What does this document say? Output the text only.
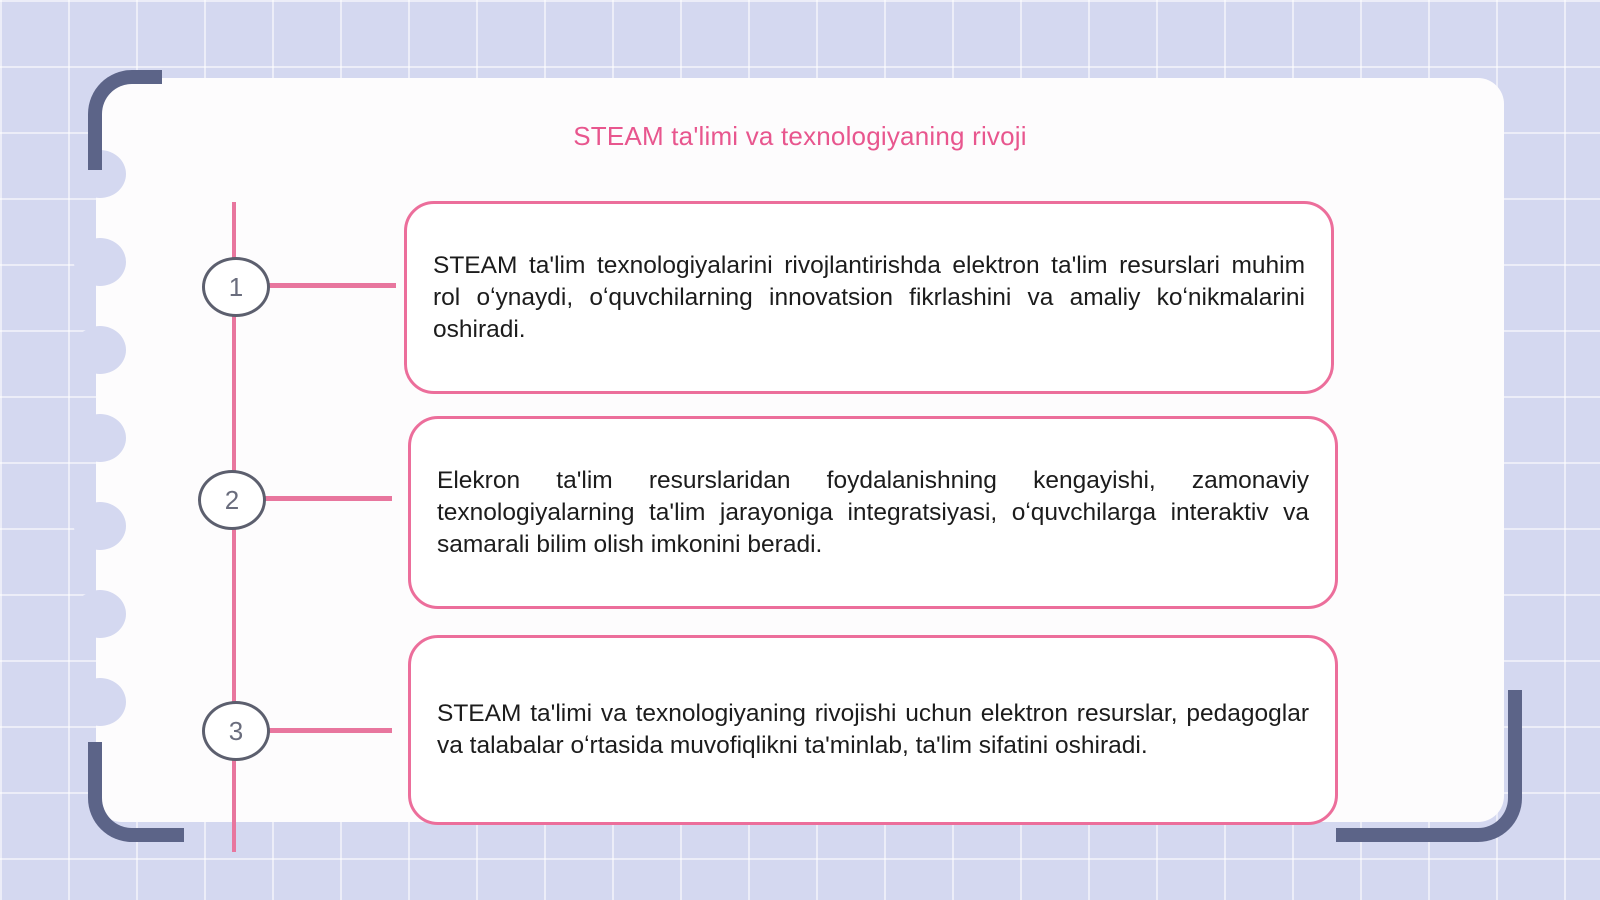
STEAM ta'limi va texnologiyaning rivoji
1
2
3

STEAM ta'lim texnologiyalarini rivojlantirishda elektron ta'lim resurslari muhim rol oʻynaydi, oʻquvchilarning innovatsion fikrlashini va amaliy koʻnikmalarini oshiradi.

Elekron ta'lim resurslaridan foydalanishning kengayishi, zamonaviy texnologiyalarning ta'lim jarayoniga integratsiyasi, oʻquvchilarga interaktiv va samarali bilim olish imkonini beradi.

STEAM ta'limi va texnologiyaning rivojishi uchun elektron resurslar, pedagoglar va talabalar oʻrtasida muvofiqlikni ta'minlab, ta'lim sifatini oshiradi.
